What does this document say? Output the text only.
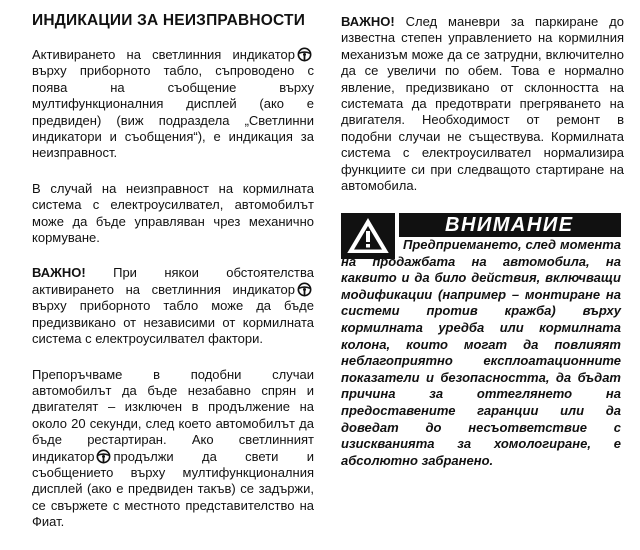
ИНДИКАЦИИ ЗА НЕИЗПРАВНОСТИ

Активирането на светлинния индикатор
върху приборното табло, съпроводено с поява на съобщение върху мултифункционалния дисплей (ако е предвиден) (виж подраздела „Светлинни индикатори и съобщения“), е индикация за неизправност.

В случай на неизправност на кормилната система с електроусилвател, автомобилът може да бъде управляван чрез механично кормуване.

ВАЖНО! При някои обстоятелства активирането на светлинния индикатор
върху приборното табло може да бъде предизвикано от независими от кормилната система с електроусилвател фактори.

Препоръчваме в подобни случаи автомобилът да бъде незабавно спрян и двигателят – изключен в продължение на около 20 секунди, след което автомобилът да бъде рестартиран. Ако светлинният индикатор продължи да свети и съобщението върху мултифункционалния дисплей (ако е предвиден такъв) се задържи, се свържете с местното представителство на Фиат.

ВАЖНО! След маневри за паркиране до известна степен управлението на кормилния механизъм може да се затрудни, включително да се увеличи по обем. Това е нормално явление, предизвикано от склонността на системата да предотврати прегряването на двигателя. Необходимост от ремонт в подобни случаи не съществува. Кормилната система с електроусилвател нормализира функциите си при следващото стартиране на автомобила.

ВНИМАНИЕ

Предприемането, след момента на продажбата на автомобила, на каквито и да било действия, включващи модификации (например – монтиране на системи против кражба) върху кормилната уредба или кормилната колона, които могат да повлияят неблагоприятно експлоатационните показатели и безопасността, да бъдат причина за оттеглянето на предоставените гаранции или да доведат до несъответствие с изискванията за хомологиране, е абсолютно забранено.
